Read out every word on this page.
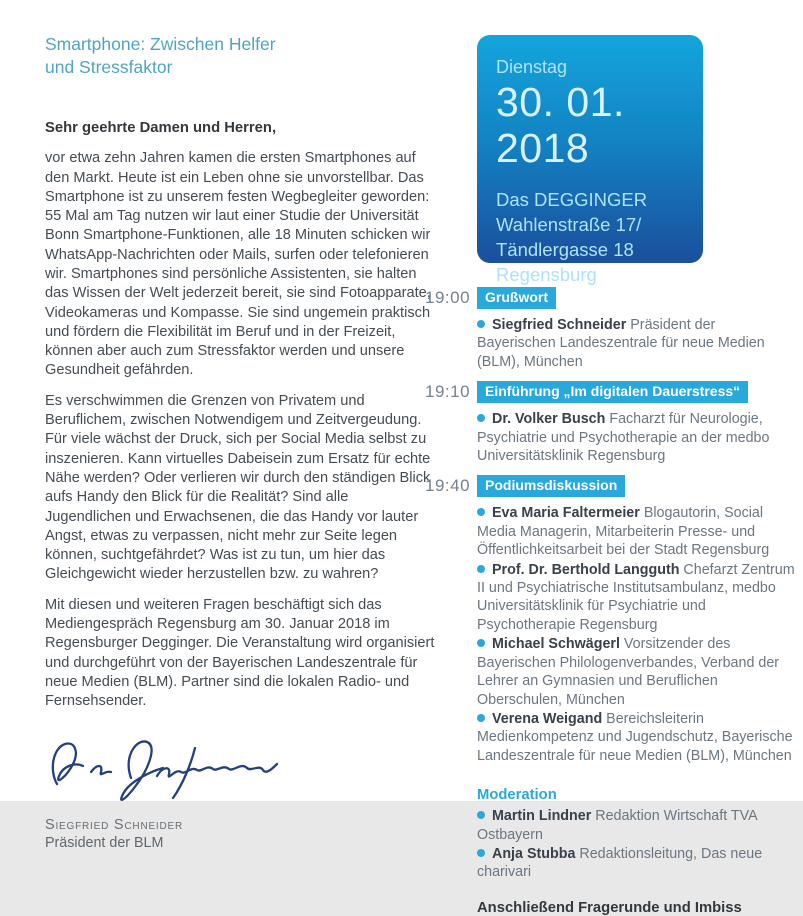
Smartphone: Zwischen Helfer
und Stressfaktor
Sehr geehrte Damen und Herren,

vor etwa zehn Jahren kamen die ersten Smartphones auf den Markt. Heute ist ein Leben ohne sie unvorstellbar. Das Smartphone ist zu unserem festen Wegbegleiter geworden: 55 Mal am Tag nutzen wir laut einer Studie der Universität Bonn Smartphone-Funktionen, alle 18 Minuten schicken wir WhatsApp-Nachrichten oder Mails, surfen oder telefonieren wir. Smartphones sind persönliche Assistenten, sie halten das Wissen der Welt jederzeit bereit, sie sind Fotoapparate, Videokameras und Kompasse. Sie sind ungemein praktisch und fördern die Flexibilität im Beruf und in der Freizeit, können aber auch zum Stressfaktor werden und unsere Gesundheit gefährden.

Es verschwimmen die Grenzen von Privatem und Beruflichem, zwischen Notwendigem und Zeitvergeudung. Für viele wächst der Druck, sich per Social Media selbst zu inszenieren. Kann virtuelles Dabeisein zum Ersatz für echte Nähe werden? Oder verlieren wir durch den ständigen Blick aufs Handy den Blick für die Realität? Sind alle Jugendlichen und Erwachsenen, die das Handy vor lauter Angst, etwas zu verpassen, nicht mehr zur Seite legen können, suchtgefährdet? Was ist zu tun, um hier das Gleichgewicht wieder herzustellen bzw. zu wahren?

Mit diesen und weiteren Fragen beschäftigt sich das Mediengespräch Regensburg am 30. Januar 2018 im Regensburger Degginger. Die Veranstaltung wird organisiert und durchgeführt von der Bayerischen Landeszentrale für neue Medien (BLM). Partner sind die lokalen Radio- und Fernsehsender.

Siegfried Schneider
Präsident der BLM
Dienstag
30. 01. 2018
Das DEGGINGER
Wahlenstraße 17/
Tändlergasse 18
Regensburg
19:00	Grußwort

Siegfried Schneider Präsident der Bayerischen Landeszentrale für neue Medien (BLM), München

19:10	Einführung „Im digitalen Dauerstress“

Dr. Volker Busch Facharzt für Neurologie, Psychiatrie und Psychotherapie an der medbo Universitätsklinik Regensburg

19:40	Podiumsdiskussion

Eva Maria Faltermeier Blogautorin, Social Media Managerin, Mitarbeiterin Presse- und Öffentlichkeitsarbeit bei der Stadt Regensburg

Prof. Dr. Berthold Langguth Chefarzt Zentrum II und Psychiatrische Institutsambulanz, medbo Universitätsklinik für Psychiatrie und Psychotherapie Regensburg

Michael Schwägerl Vorsitzender des Bayerischen Philologenverbandes, Verband der Lehrer an Gymnasien und Beruflichen Oberschulen, München

Verena Weigand Bereichsleiterin Medienkompetenz und Jugendschutz, Bayerische Landeszentrale für neue Medien (BLM), München

Moderation

Martin Lindner Redaktion Wirtschaft TVA Ostbayern

Anja Stubba Redaktionsleitung, Das neue charivari

Anschließend Fragerunde und Imbiss
